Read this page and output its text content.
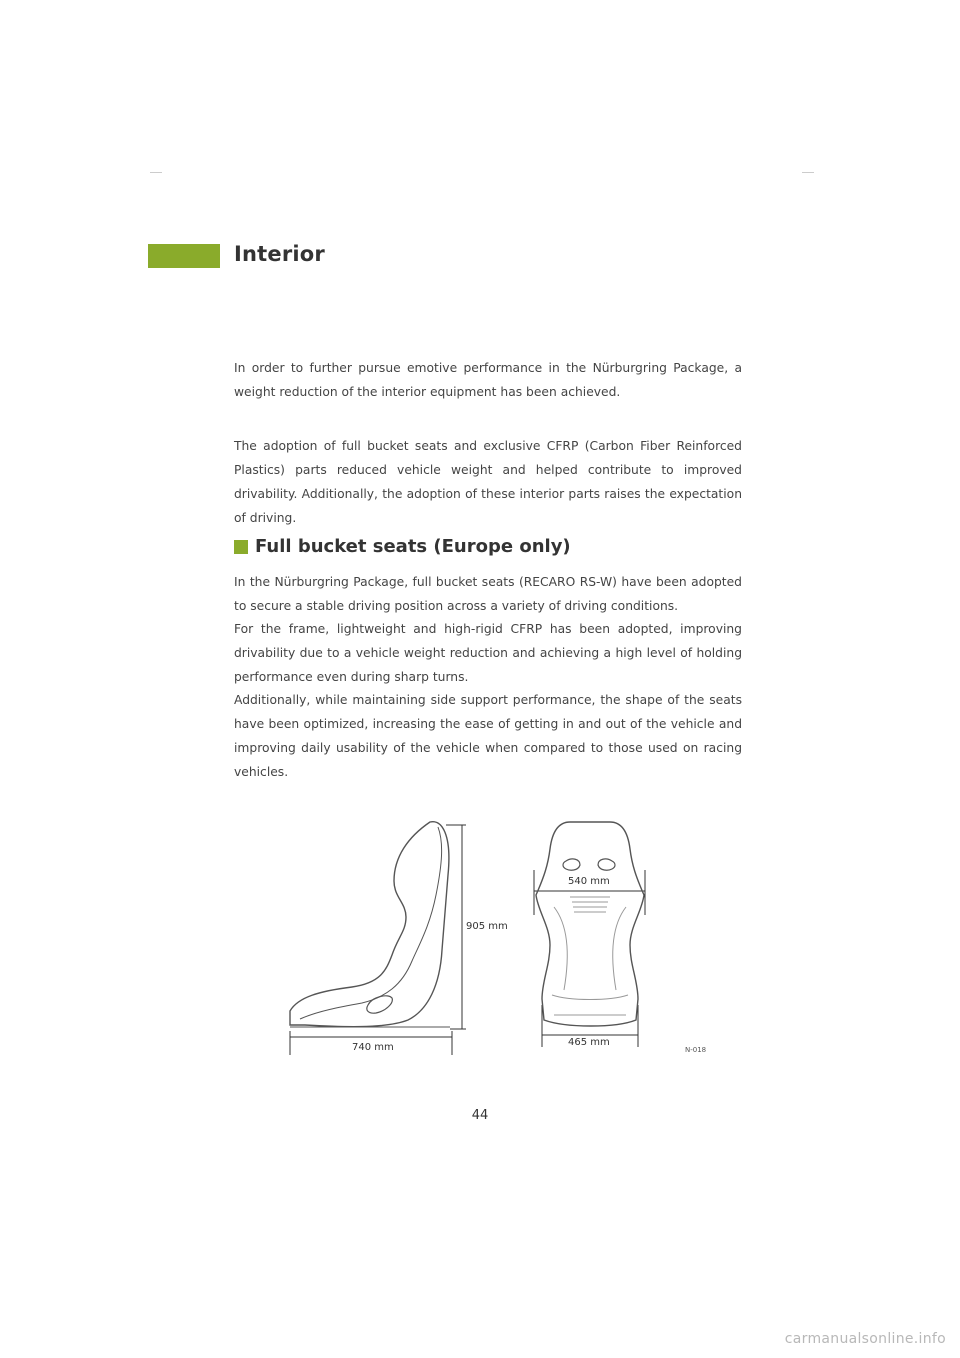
Interior

In order to further pursue emotive performance in the Nürburgring Package, a weight reduction of the interior equipment has been achieved.

The adoption of full bucket seats and exclusive CFRP (Carbon Fiber Reinforced Plastics) parts reduced vehicle weight and helped contribute to improved drivability. Additionally, the adoption of these interior parts raises the expectation of driving.

Full bucket seats (Europe only)

In the Nürburgring Package, full bucket seats (RECARO RS-W) have been adopted to secure a stable driving position across a variety of driving conditions.

For the frame, lightweight and high-rigid CFRP has been adopted, improving drivability due to a vehicle weight reduction and achieving a high level of holding performance even during sharp turns.

Additionally, while maintaining side support performance, the shape of the seats have been optimized, increasing the ease of getting in and out of the vehicle and improving daily usability of the vehicle when compared to those used on racing vehicles.

905 mm
540 mm
740 mm	465 mm
N-018
44
carmanualsonline.info
